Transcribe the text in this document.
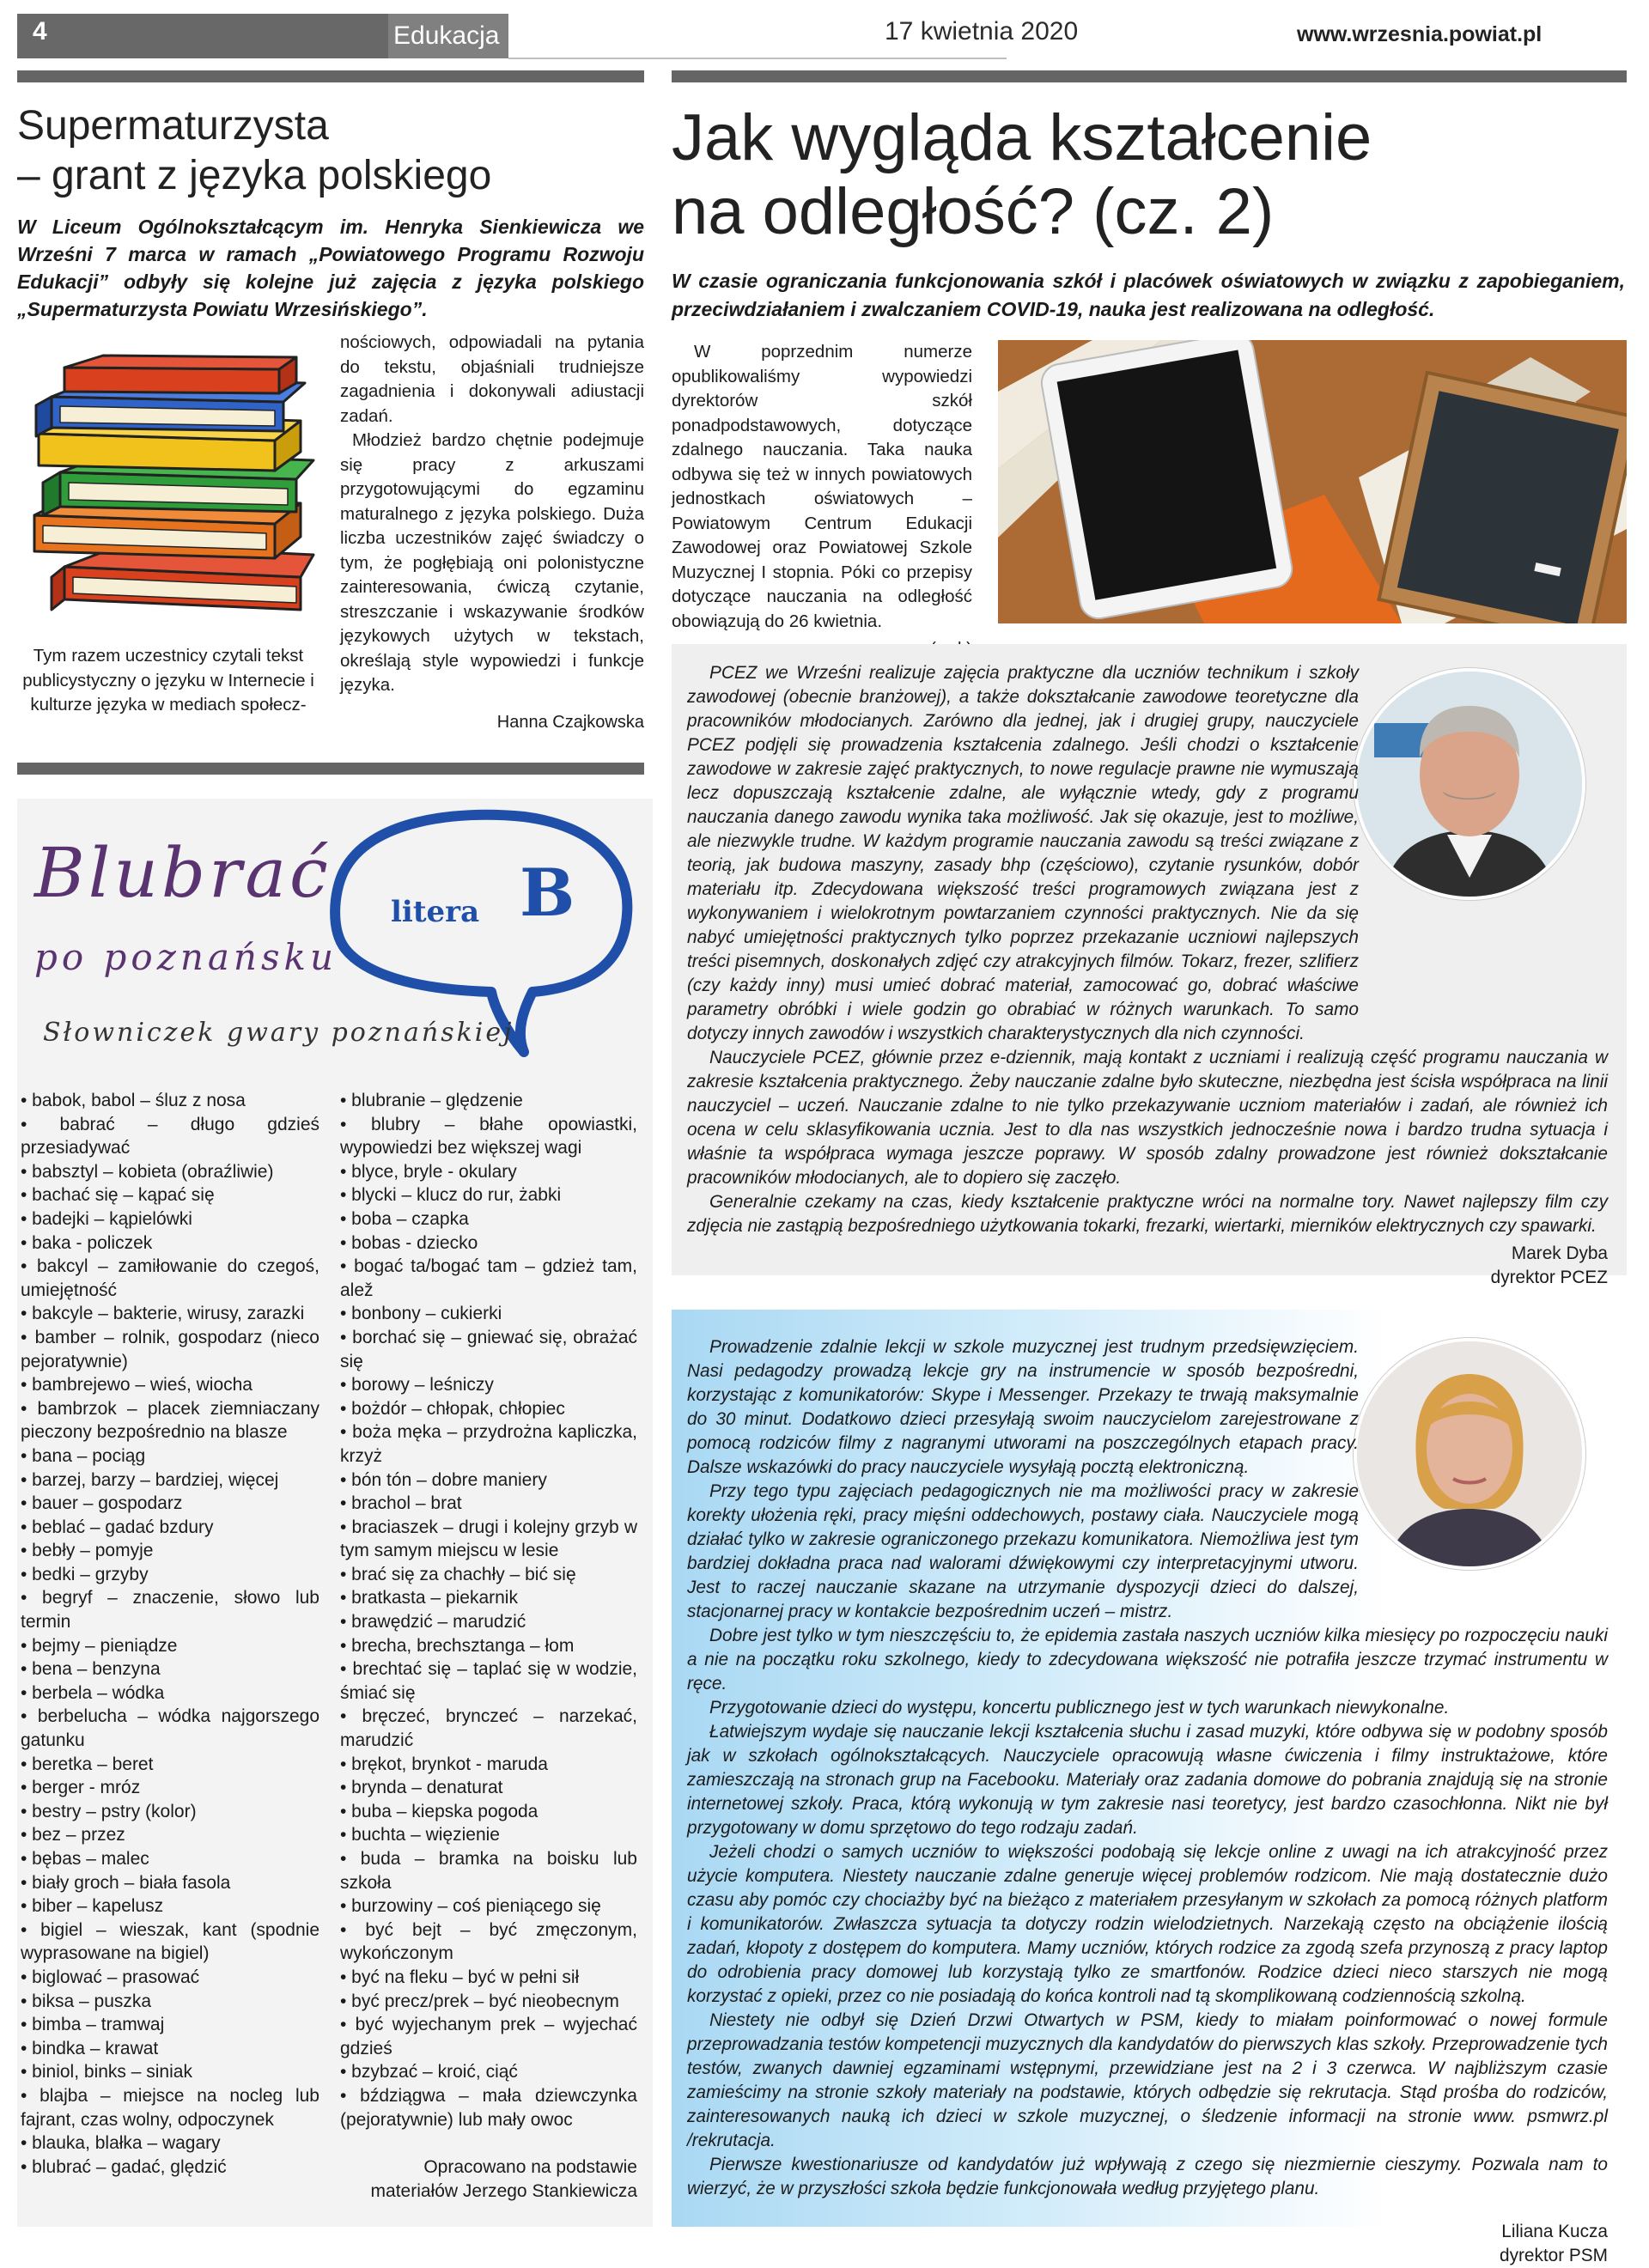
4	Edukacja	17 kwietnia 2020	www.wrzesnia.powiat.pl
Supermaturzysta
– grant z języka polskiego
W Liceum Ogólnokształcącym im. Henryka Sienkiewicza we Wrześni 7 marca w ramach „Powiatowego Programu Rozwoju Edukacji” odbyły się kolejne już zajęcia z języka polskiego „Supermaturzysta Powiatu Wrzesińskiego”.
Tym razem uczestnicy czytali tekst publicystyczny o języku w Internecie i kulturze języka w mediach społecz-
nościowych, odpowiadali na pytania do tekstu, objaśniali trudniejsze zagadnienia i dokonywali adiustacji zadań.
Młodzież bardzo chętnie podejmuje się pracy z arkuszami przygotowującymi do egzaminu maturalnego z języka polskiego. Duża liczba uczestników zajęć świadczy o tym, że pogłębiają oni polonistyczne zainteresowania, ćwiczą czytanie, streszczanie i wskazywanie środków językowych użytych w tekstach, określają style wypowiedzi i funkcje języka.
Hanna Czajkowska
Jak wygląda kształcenie
na odległość? (cz. 2)
W czasie ograniczania funkcjonowania szkół i placówek oświatowych w związku z zapobieganiem, przeciwdziałaniem i zwalczaniem COVID-19, nauka jest realizowana na odległość.
W poprzednim numerze opublikowaliśmy wypowiedzi dyrektorów szkół ponadpodstawowych, dotyczące zdalnego nauczania. Taka nauka odbywa się też w innych powiatowych jednostkach oświatowych – Powiatowym Centrum Edukacji Zawodowej oraz Powiatowej Szkole Muzycznej I stopnia. Póki co przepisy dotyczące nauczania na odległość obowiązują do 26 kwietnia.

PCEZ we Wrześni realizuje zajęcia praktyczne dla uczniów technikum i szkoły zawodowej (obecnie branżowej), a także dokształcanie zawodowe teoretyczne dla pracowników młodocianych. Zarówno dla jednej, jak i drugiej grupy, nauczyciele PCEZ podjęli się prowadzenia kształcenia zdalnego. Jeśli chodzi o kształcenie zawodowe w zakresie zajęć praktycznych, to nowe regulacje prawne nie wymuszają lecz dopuszczają kształcenie zdalne, ale wyłącznie wtedy, gdy z programu nauczania danego zawodu wynika taka możliwość. Jak się okazuje, jest to możliwe, ale niezwykle trudne. W każdym programie nauczania zawodu są treści związane z teorią, jak budowa maszyny, zasady bhp (częściowo), czytanie rysunków, dobór materiału itp. Zdecydowana większość treści programowych związana jest z wykonywaniem i wielokrotnym powtarzaniem czynności praktycznych. Nie da się nabyć umiejętności praktycznych tylko poprzez przekazanie uczniowi najlepszych treści pisemnych, doskonałych zdjęć czy atrakcyjnych filmów. Tokarz, frezer, szlifierz (czy każdy inny) musi umieć dobrać materiał, zamocować go, dobrać właściwe parametry obróbki i wiele godzin go obrabiać w różnych warunkach. To samo dotyczy innych zawodów i wszystkich charakterystycznych dla nich czynności.

Nauczyciele PCEZ, głównie przez e-dziennik, mają kontakt z uczniami i realizują część programu nauczania w zakresie kształcenia praktycznego. Żeby nauczanie zdalne było skuteczne, niezbędna jest ścisła współpraca na linii nauczyciel – uczeń. Nauczanie zdalne to nie tylko przekazywanie uczniom materiałów i zadań, ale również ich ocena w celu sklasyfikowania ucznia. Jest to dla nas wszystkich jednocześnie nowa i bardzo trudna sytuacja i właśnie ta współpraca wymaga jeszcze poprawy. W sposób zdalny prowadzone jest również dokształcanie pracowników młodocianych, ale to dopiero się zaczęło.

Generalnie czekamy na czas, kiedy kształcenie praktyczne wróci na normalne tory. Nawet najlepszy film czy zdjęcia nie zastąpią bezpośredniego użytkowania tokarki, frezarki, wiertarki, mierników elektrycznych czy spawarki.

Marek Dyba
dyrektor PCEZ

Prowadzenie zdalnie lekcji w szkole muzycznej jest trudnym przedsięwzięciem. Nasi pedagodzy prowadzą lekcje gry na instrumencie w sposób bezpośredni, korzystając z komunikatorów: Skype i Messenger. Przekazy te trwają maksymalnie do 30 minut. Dodatkowo dzieci przesyłają swoim nauczycielom zarejestrowane z pomocą rodziców filmy z nagranymi utworami na poszczególnych etapach pracy. Dalsze wskazówki do pracy nauczyciele wysyłają pocztą elektroniczną.

Przy tego typu zajęciach pedagogicznych nie ma możliwości pracy w zakresie korekty ułożenia ręki, pracy mięśni oddechowych, postawy ciała. Nauczyciele mogą działać tylko w zakresie ograniczonego przekazu komunikatora. Niemożliwa jest tym bardziej dokładna praca nad walorami dźwiękowymi czy interpretacyjnymi utworu. Jest to raczej nauczanie skazane na utrzymanie dyspozycji dzieci do dalszej, stacjonarnej pracy w kontakcie bezpośrednim uczeń – mistrz.

Dobre jest tylko w tym nieszczęściu to, że epidemia zastała naszych uczniów kilka miesięcy po rozpoczęciu nauki a nie na początku roku szkolnego, kiedy to zdecydowana większość nie potrafiła jeszcze trzymać instrumentu w ręce.

Przygotowanie dzieci do występu, koncertu publicznego jest w tych warunkach niewykonalne.

Łatwiejszym wydaje się nauczanie lekcji kształcenia słuchu i zasad muzyki, które odbywa się w podobny sposób jak w szkołach ogólnokształcących. Nauczyciele opracowują własne ćwiczenia i filmy instruktażowe, które zamieszczają na stronach grup na Facebooku. Materiały oraz zadania domowe do pobrania znajdują się na stronie internetowej szkoły. Praca, którą wykonują w tym zakresie nasi teoretycy, jest bardzo czasochłonna. Nikt nie był przygotowany w domu sprzętowo do tego rodzaju zadań.

Jeżeli chodzi o samych uczniów to większości podobają się lekcje online z uwagi na ich atrakcyjność przez użycie komputera. Niestety nauczanie zdalne generuje więcej problemów rodzicom. Nie mają dostatecznie dużo czasu aby pomóc czy chociażby być na bieżąco z materiałem przesyłanym w szkołach za pomocą różnych platform i komunikatorów. Zwłaszcza sytuacja ta dotyczy rodzin wielodzietnych. Narzekają często na obciążenie ilością zadań, kłopoty z dostępem do komputera. Mamy uczniów, których rodzice za zgodą szefa przynoszą z pracy laptop do odrobienia pracy domowej lub korzystają tylko ze smartfonów. Rodzice dzieci nieco starszych nie mogą korzystać z opieki, przez co nie posiadają do końca kontroli nad tą skomplikowaną codziennością szkolną.

Niestety nie odbył się Dzień Drzwi Otwartych w PSM, kiedy to miałam poinformować o nowej formule przeprowadzania testów kompetencji muzycznych dla kandydatów do pierwszych klas szkoły. Przeprowadzenie tych testów, zwanych dawniej egzaminami wstępnymi, przewidziane jest na 2 i 3 czerwca. W najbliższym czasie zamieścimy na stronie szkoły materiały na podstawie, których odbędzie się rekrutacja. Stąd prośba do rodziców, zainteresowanych nauką ich dzieci w szkole muzycznej, o śledzenie informacji na stronie www. psmwrz.pl /rekrutacja.

Pierwsze kwestionariusze od kandydatów już wpływają z czego się niezmiernie cieszymy. Pozwala nam to wierzyć, że w przyszłości szkoła będzie funkcjonowała według przyjętego planu.

Liliana Kucza
dyrektor PSM
litera B
Blubrać
po poznańsku
Słowniczek gwary poznańskiej
• babok, babol – śluz z nosa
• babrać – długo gdzieś przesiadywać
• babsztyl – kobieta (obraźliwie)
• bachać się – kąpać się
• badejki – kąpielówki
• baka - policzek
• bakcyl – zamiłowanie do czegoś, umiejętność
• bakcyle – bakterie, wirusy, zarazki
• bamber – rolnik, gospodarz (nieco pejoratywnie)
• bambrejewo – wieś, wiocha
• bambrzok – placek ziemniaczany pieczony bezpośrednio na blasze
• bana – pociąg
• barzej, barzy – bardziej, więcej
• bauer – gospodarz
• beblać – gadać bzdury
• bebły – pomyje
• bedki – grzyby
• begryf – znaczenie, słowo lub termin
• bejmy – pieniądze
• bena – benzyna
• berbela – wódka
• berbelucha – wódka najgorszego gatunku
• beretka – beret
• berger - mróz
• bestry – pstry (kolor)
• bez – przez
• bębas – malec
• biały groch – biała fasola
• biber – kapelusz
• bigiel – wieszak, kant (spodnie wyprasowane na bigiel)
• biglować – prasować
• biksa – puszka
• bimba – tramwaj
• bindka – krawat
• biniol, binks – siniak
• blajba – miejsce na nocleg lub fajrant, czas wolny, odpoczynek
• blauka, blałka – wagary
• blubrać – gadać, ględzić
• blubranie – ględzenie
• blubry – błahe opowiastki, wypowiedzi bez większej wagi
• blyce, bryle - okulary
• blycki – klucz do rur, żabki
• boba – czapka
• bobas - dziecko
• bogać ta/bogać tam – gdzież tam, alež
• bonbony – cukierki
• borchać się – gniewać się, obrażać się
• borowy – leśniczy
• bożdór – chłopak, chłopiec
• boża męka – przydrożna kapliczka, krzyż
• bón tón – dobre maniery
• brachol – brat
• braciaszek – drugi i kolejny grzyb w tym samym miejscu w lesie
• brać się za chachły – bić się
• bratkasta – piekarnik
• brawędzić – marudzić
• brecha, brechsztanga – łom
• brechtać się – taplać się w wodzie, śmiać się
• bręczeć, brynczeć – narzekać, marudzić
• brękot, brynkot - maruda
• brynda – denaturat
• buba – kiepska pogoda
• buchta – więzienie
• buda – bramka na boisku lub szkoła
• burzowiny – coś pieniącego się
• być bejt – być zmęczonym, wykończonym
• być na fleku – być w pełni sił
• być precz/prek – być nieobecnym
• być wyjechanym prek – wyjechać gdzieś
• bzybzać – kroić, ciąć
• bździągwa – mała dziewczynka (pejoratywnie) lub mały owoc
Opracowano na podstawie
materiałów Jerzego Stankiewicza
